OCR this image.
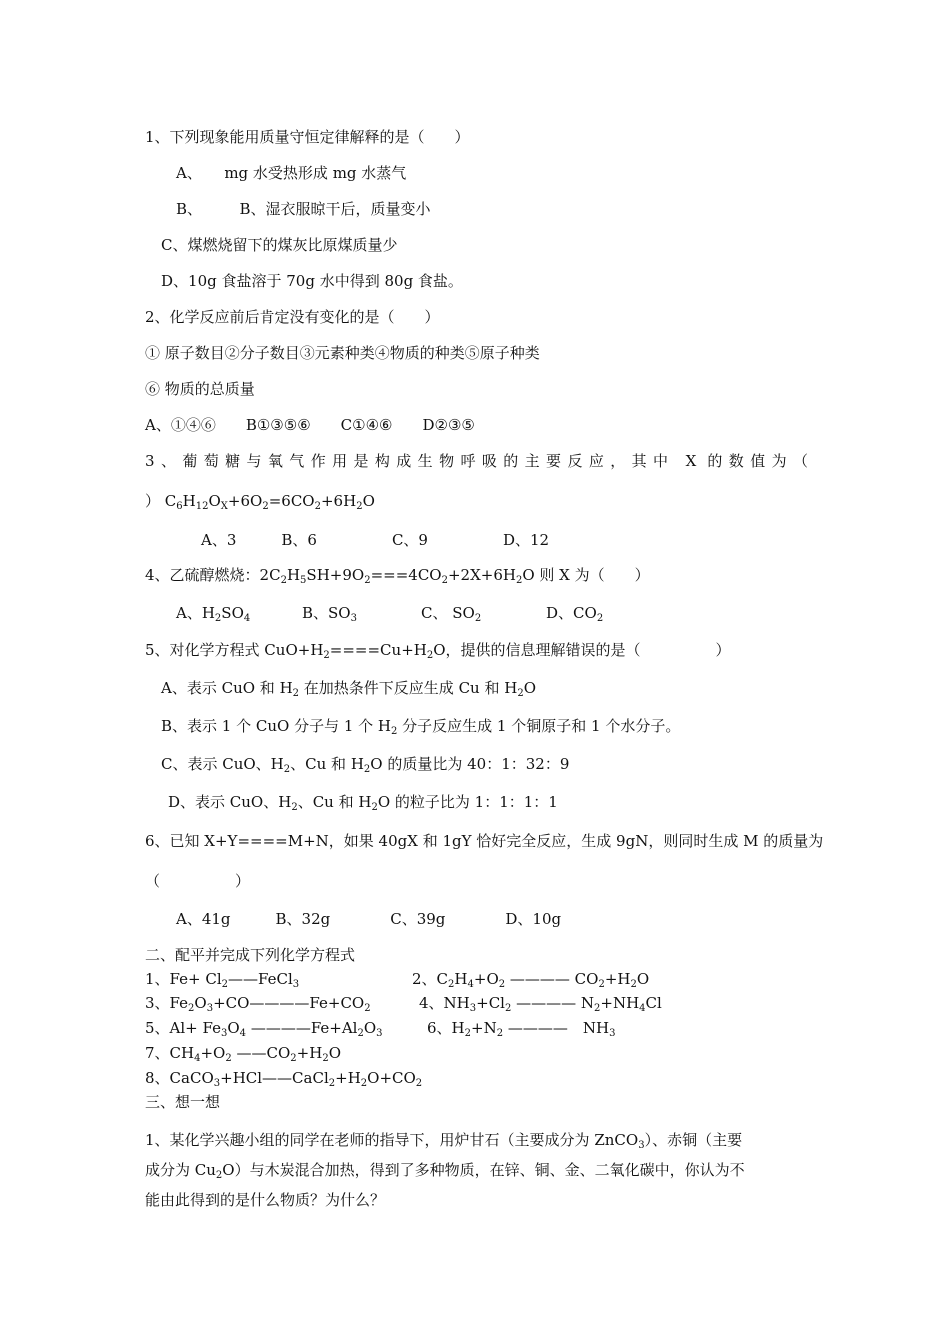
1、下列现象能用质量守恒定律解释的是（　　）
A、　　mg 水受热形成 mg 水蒸气
B、　　　B、湿衣服晾干后，质量变小
C、煤燃烧留下的煤灰比原煤质量少
D、10g 食盐溶于 70g 水中得到 80g 食盐。
2、化学反应前后肯定没有变化的是（　　）
① 原子数目②分子数目③元素种类④物质的种类⑤原子种类
⑥ 物质的总质量
A、①④⑥　　B①③⑤⑥　　C①④⑥　　D②③⑤
3、葡萄糖与氧气作用是构成生物呼吸的主要反应，其中 X 的数值为（
） $C_6H_{12}O_X+6O_2=6CO_2+6H_2O$
A、3　　　B、6　　　　　C、9　　　　　D、12
4、乙硫醇燃烧：$2C_2H_5SH+9O_2===4CO_2+2X+6H_2O$ 则 X 为（　　）
A、$H_2SO_4$	B、$SO_3$	C、 $SO_2$	D、$CO_2$
5、对化学方程式 $CuO+H_2====Cu+H_2O$，提供的信息理解错误的是（　　　　　）
A、表示 CuO 和 $H_2$ 在加热条件下反应生成 Cu 和 $H_2O$
B、表示 1 个 CuO 分子与 1 个 $H_2$ 分子反应生成 1 个铜原子和 1 个水分子。
C、表示 CuO、$H_2$、Cu 和 $H_2O$ 的质量比为 40：1：32：9
D、表示 CuO、$H_2$、Cu 和 $H_2O$ 的粒子比为 1：1：1：1
6、已知 X+Y====M+N，如果 40gX 和 1gY 恰好完全反应，生成 9gN，则同时生成 M 的质量为
（　　　　　）
A、41g　　　B、32g　　　　C、39g　　　　D、10g
二、配平并完成下列化学方程式
1、$Fe+ Cl_2——FeCl_3$	2、$C_2H_4+O_2$ ———— $CO_2+H_2O$
3、$Fe_2O_3+CO————Fe+CO_2$	4、$NH_3+Cl_2$ ———— $N_2+NH_4Cl$
5、$Al+ Fe_3O_4$ $————Fe+Al_2O_3$	6、$H_2+N_2$ ————　$NH_3$
7、$CH_4+O_2$ $——CO_2+H_2O$
8、$CaCO_3+HCl——CaCl_2+H_2O+CO_2$
三、想一想
1、某化学兴趣小组的同学在老师的指导下，用炉甘石（主要成分为 ZnCO$_3$）、赤铜（主要
成分为 $Cu_2O$）与木炭混合加热，得到了多种物质，在锌、铜、金、二氧化碳中，你认为不
能由此得到的是什么物质？为什么？
